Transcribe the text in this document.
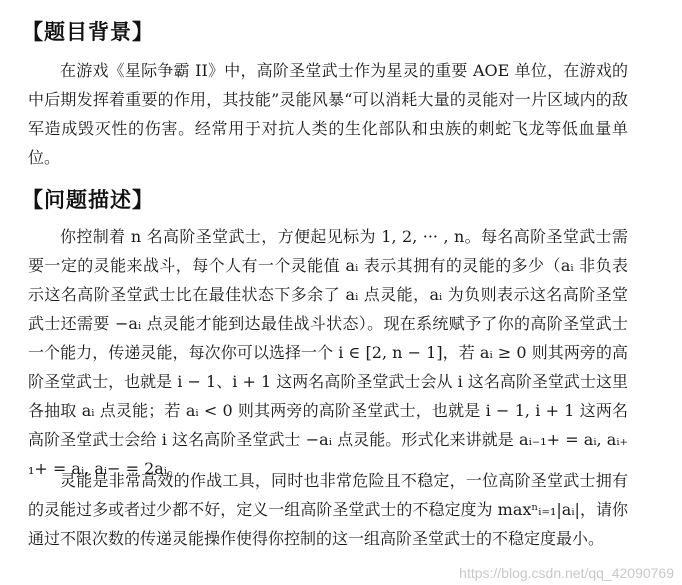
【题目背景】

在游戏《星际争霸 II》中，高阶圣堂武士作为星灵的重要 AOE 单位，在游戏的中后期发挥着重要的作用，其技能”灵能风暴“可以消耗大量的灵能对一片区域内的敌军造成毁灭性的伤害。经常用于对抗人类的生化部队和虫族的刺蛇飞龙等低血量单位。

【问题描述】

你控制着 n 名高阶圣堂武士，方便起见标为 1, 2, ··· , n。每名高阶圣堂武士需要一定的灵能来战斗，每个人有一个灵能值 aᵢ 表示其拥有的灵能的多少（aᵢ 非负表示这名高阶圣堂武士比在最佳状态下多余了 aᵢ 点灵能，aᵢ 为负则表示这名高阶圣堂武士还需要 −aᵢ 点灵能才能到达最佳战斗状态）。现在系统赋予了你的高阶圣堂武士一个能力，传递灵能，每次你可以选择一个 i ∈ [2, n − 1]，若 aᵢ ≥ 0 则其两旁的高阶圣堂武士，也就是 i − 1、i + 1 这两名高阶圣堂武士会从 i 这名高阶圣堂武士这里各抽取 aᵢ 点灵能；若 aᵢ < 0 则其两旁的高阶圣堂武士，也就是 i − 1, i + 1 这两名高阶圣堂武士会给 i 这名高阶圣堂武士 −aᵢ 点灵能。形式化来讲就是 aᵢ₋₁+ = aᵢ, aᵢ₊₁+ = aᵢ, aᵢ− = 2aᵢ。

灵能是非常高效的作战工具，同时也非常危险且不稳定，一位高阶圣堂武士拥有的灵能过多或者过少都不好，定义一组高阶圣堂武士的不稳定度为 maxⁿᵢ₌₁|aᵢ|，请你通过不限次数的传递灵能操作使得你控制的这一组高阶圣堂武士的不稳定度最小。

https://blog.csdn.net/qq_42090769
